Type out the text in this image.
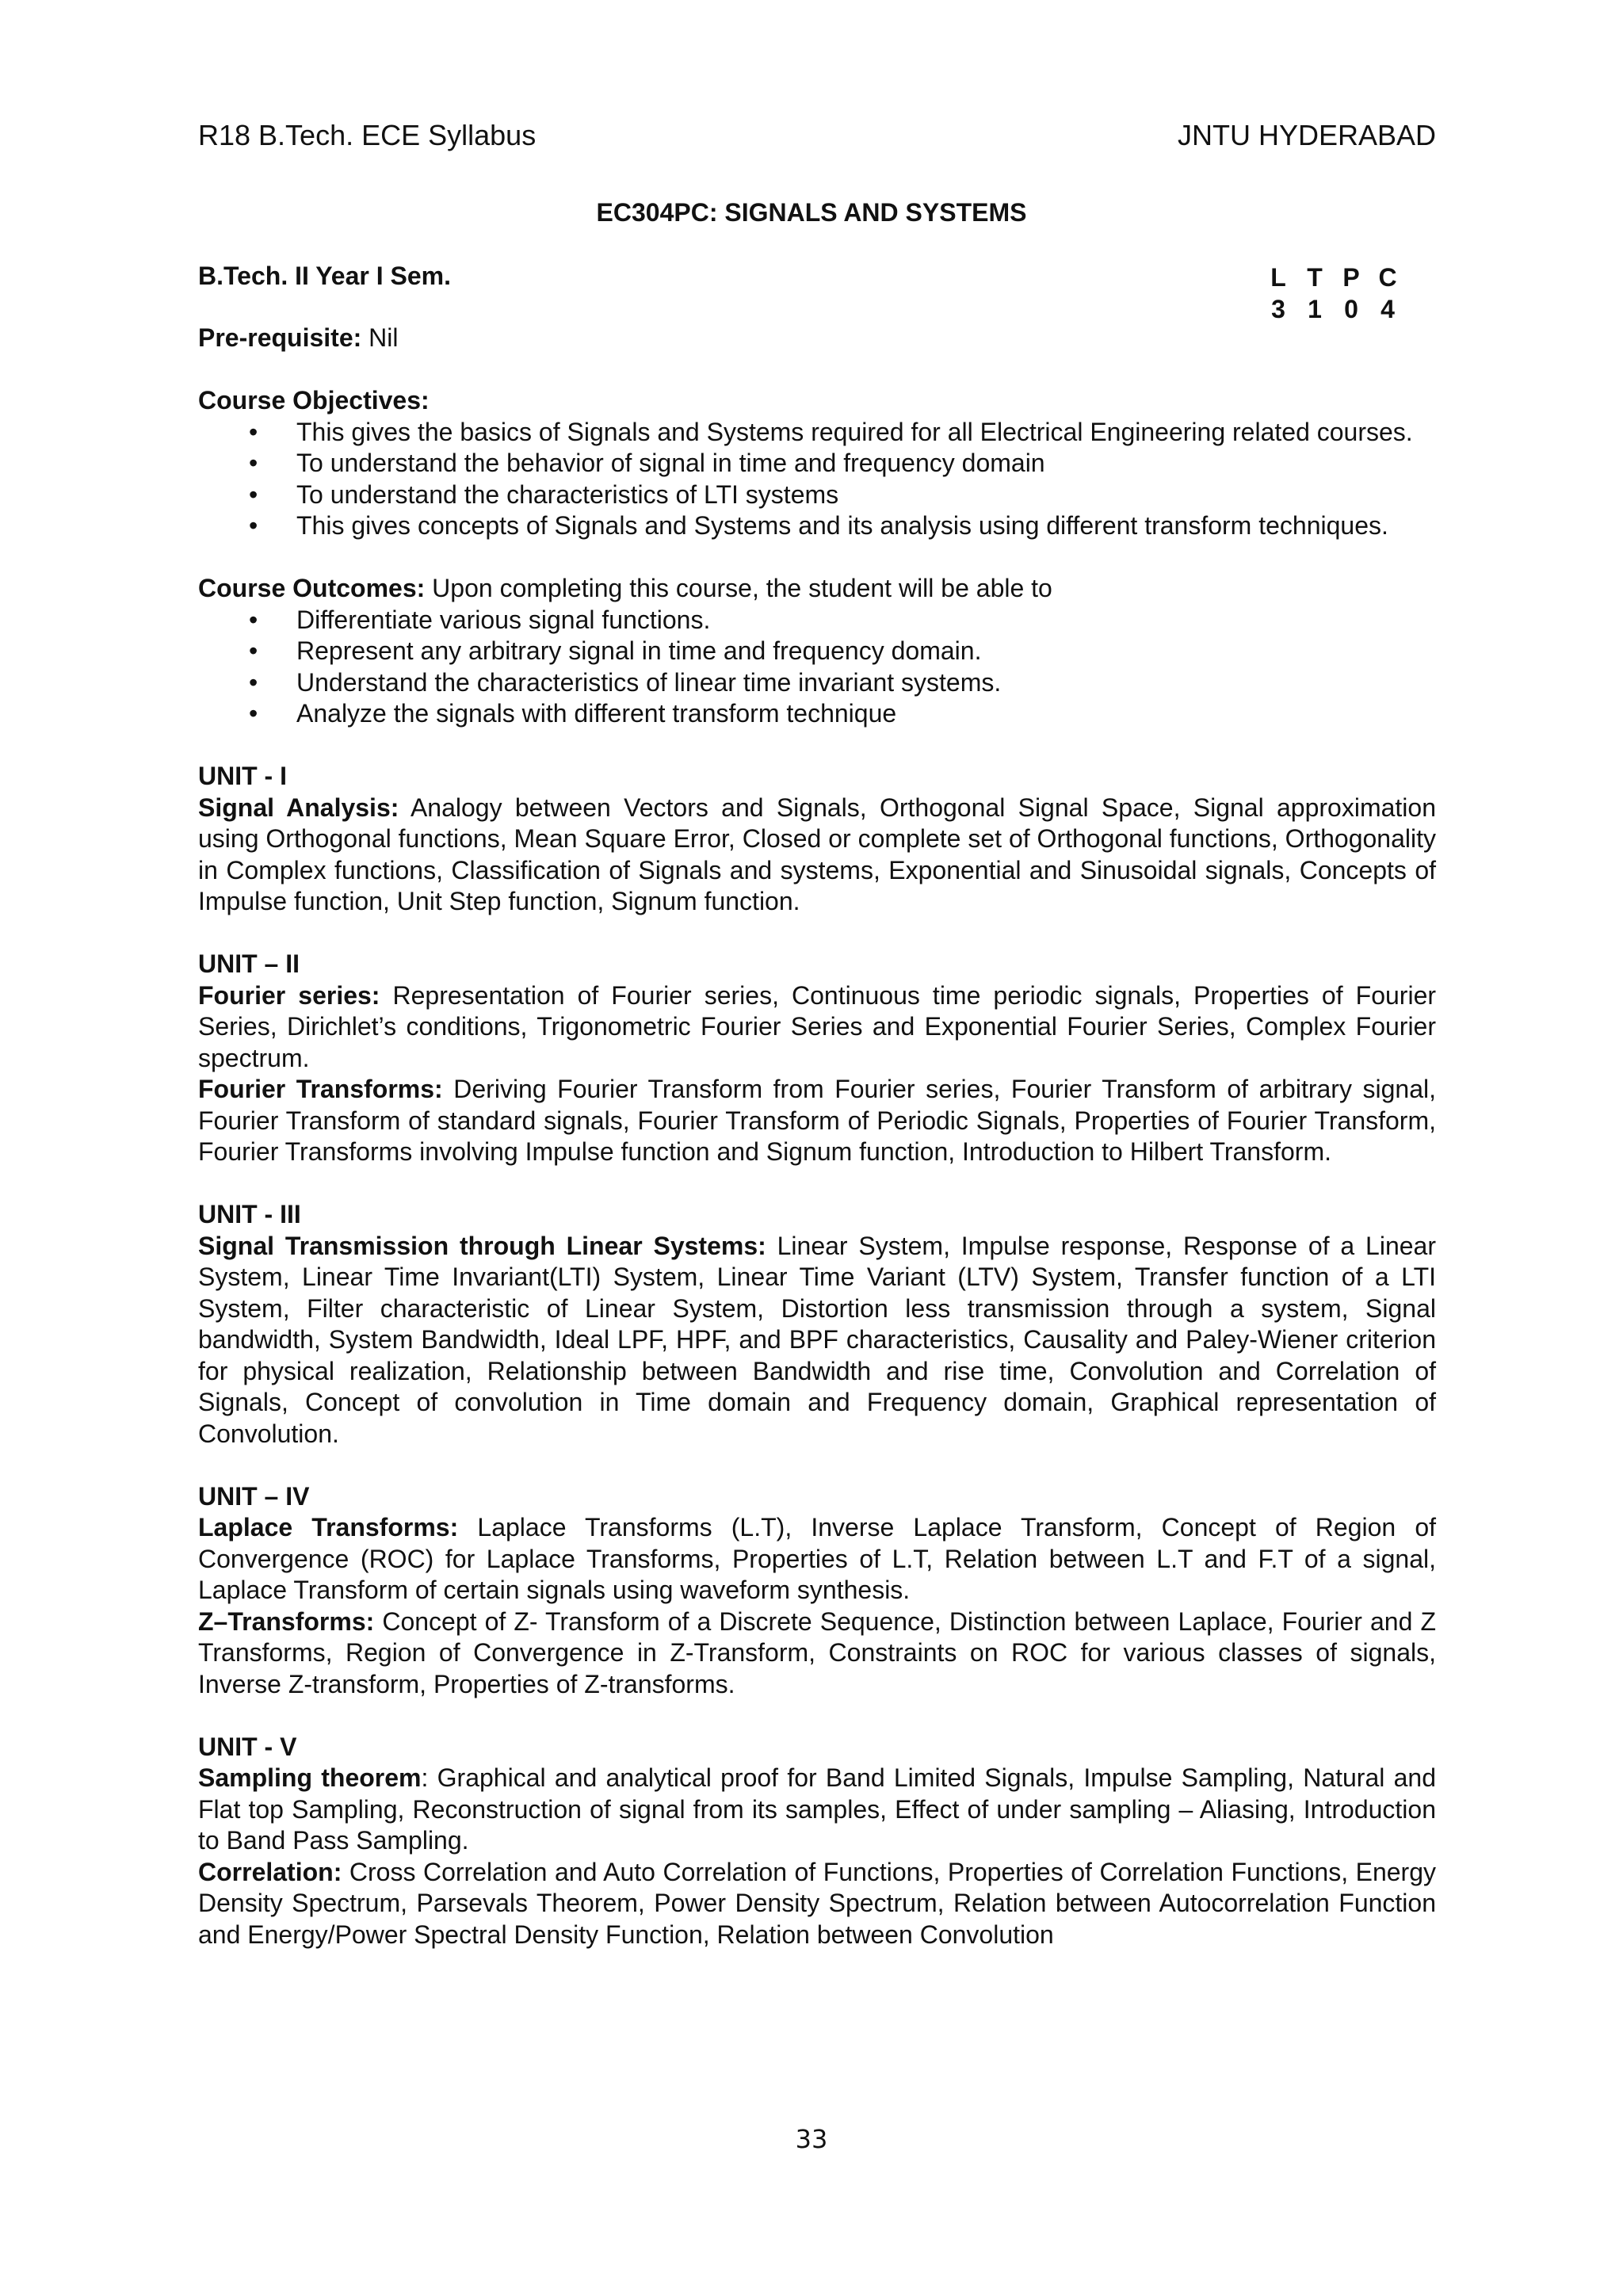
R18 B.Tech. ECE Syllabus	JNTU HYDERABAD
EC304PC: SIGNALS AND SYSTEMS
B.Tech. II Year I Sem.	L T P C
3 1 0 4
Pre-requisite: Nil

Course Objectives:

• This gives the basics of Signals and Systems required for all Electrical Engineering related courses.
• To understand the behavior of signal in time and frequency domain
• To understand the characteristics of LTI systems
• This gives concepts of Signals and Systems and its analysis using different transform techniques.

Course Outcomes: Upon completing this course, the student will be able to

• Differentiate various signal functions.
• Represent any arbitrary signal in time and frequency domain.
• Understand the characteristics of linear time invariant systems.
• Analyze the signals with different transform technique

UNIT - I

Signal Analysis: Analogy between Vectors and Signals, Orthogonal Signal Space, Signal approximation using Orthogonal functions, Mean Square Error, Closed or complete set of Orthogonal functions, Orthogonality in Complex functions, Classification of Signals and systems, Exponential and Sinusoidal signals, Concepts of Impulse function, Unit Step function, Signum function.

UNIT – II

Fourier series: Representation of Fourier series, Continuous time periodic signals, Properties of Fourier Series, Dirichlet’s conditions, Trigonometric Fourier Series and Exponential Fourier Series, Complex Fourier spectrum.

Fourier Transforms: Deriving Fourier Transform from Fourier series, Fourier Transform of arbitrary signal, Fourier Transform of standard signals, Fourier Transform of Periodic Signals, Properties of Fourier Transform, Fourier Transforms involving Impulse function and Signum function, Introduction to Hilbert Transform.

UNIT - III

Signal Transmission through Linear Systems: Linear System, Impulse response, Response of a Linear System, Linear Time Invariant(LTI) System, Linear Time Variant (LTV) System, Transfer function of a LTI System, Filter characteristic of Linear System, Distortion less transmission through a system, Signal bandwidth, System Bandwidth, Ideal LPF, HPF, and BPF characteristics, Causality and Paley-Wiener criterion for physical realization, Relationship between Bandwidth and rise time, Convolution and Correlation of Signals, Concept of convolution in Time domain and Frequency domain, Graphical representation of Convolution.

UNIT – IV

Laplace Transforms: Laplace Transforms (L.T), Inverse Laplace Transform, Concept of Region of Convergence (ROC) for Laplace Transforms, Properties of L.T, Relation between L.T and F.T of a signal, Laplace Transform of certain signals using waveform synthesis.

Z–Transforms: Concept of Z- Transform of a Discrete Sequence, Distinction between Laplace, Fourier and Z Transforms, Region of Convergence in Z-Transform, Constraints on ROC for various classes of signals, Inverse Z-transform, Properties of Z-transforms.

UNIT - V

Sampling theorem: Graphical and analytical proof for Band Limited Signals, Impulse Sampling, Natural and Flat top Sampling, Reconstruction of signal from its samples, Effect of under sampling – Aliasing, Introduction to Band Pass Sampling.

Correlation: Cross Correlation and Auto Correlation of Functions, Properties of Correlation Functions, Energy Density Spectrum, Parsevals Theorem, Power Density Spectrum, Relation between Autocorrelation Function and Energy/Power Spectral Density Function, Relation between Convolution

33
